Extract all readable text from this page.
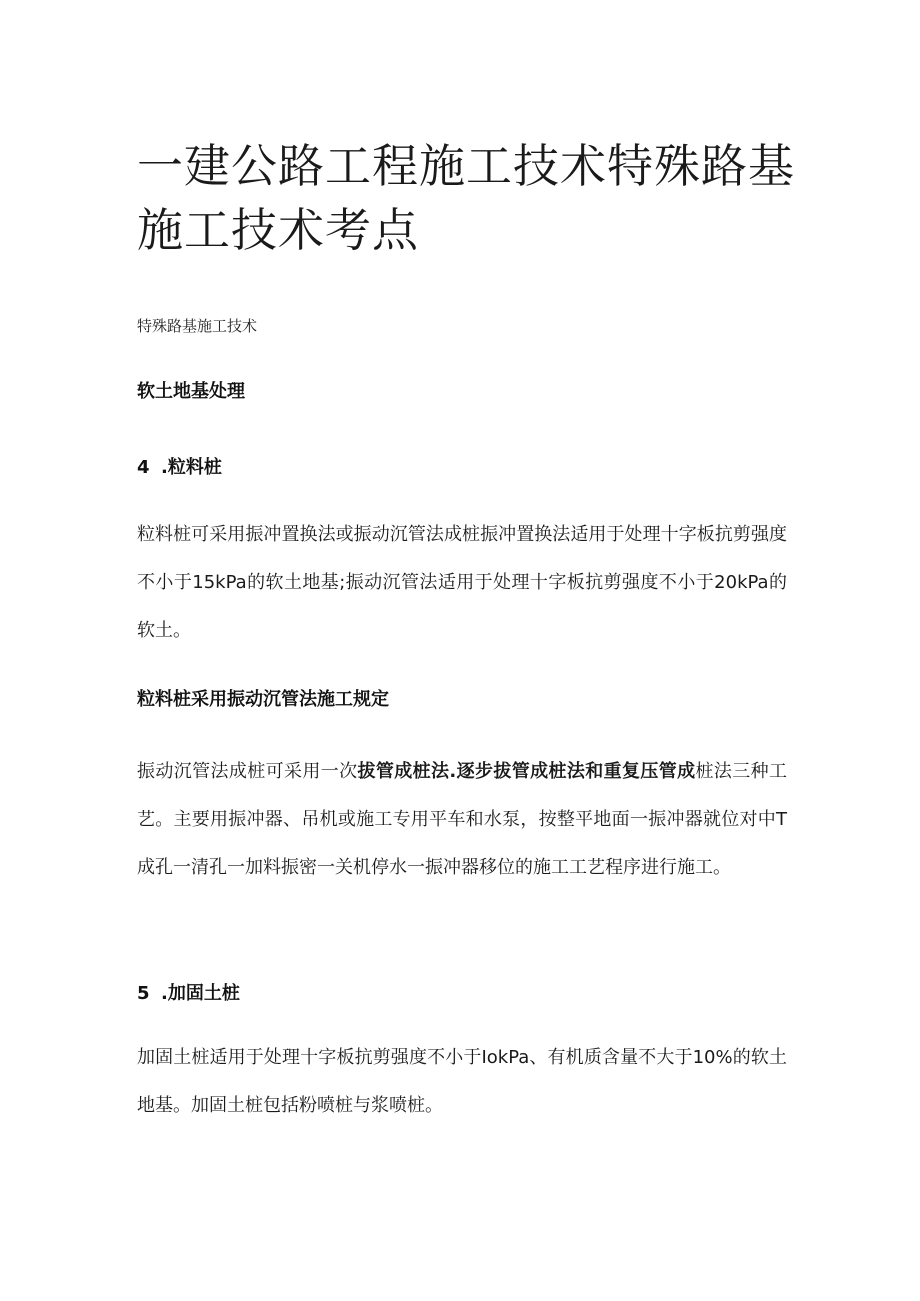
一建公路工程施工技术特殊路基施工技术考点
特殊路基施工技术
软土地基处理
4 .粒料桩

粒料桩可采用振冲置换法或振动沉管法成桩振冲置换法适用于处理十字板抗剪强度不小于15kPa的软土地基;振动沉管法适用于处理十字板抗剪强度不小于20kPa的软土。

粒料桩采用振动沉管法施工规定

振动沉管法成桩可采用一次拔管成桩法.逐步拔管成桩法和重复压管成桩法三种工艺。主要用振冲器、吊机或施工专用平车和水泵，按整平地面一振冲器就位对中T成孔一清孔一加料振密一关机停水一振冲器移位的施工工艺程序进行施工。

5 .加固土桩

加固土桩适用于处理十字板抗剪强度不小于IokPa、有机质含量不大于10%的软土地基。加固土桩包括粉喷桩与浆喷桩。
